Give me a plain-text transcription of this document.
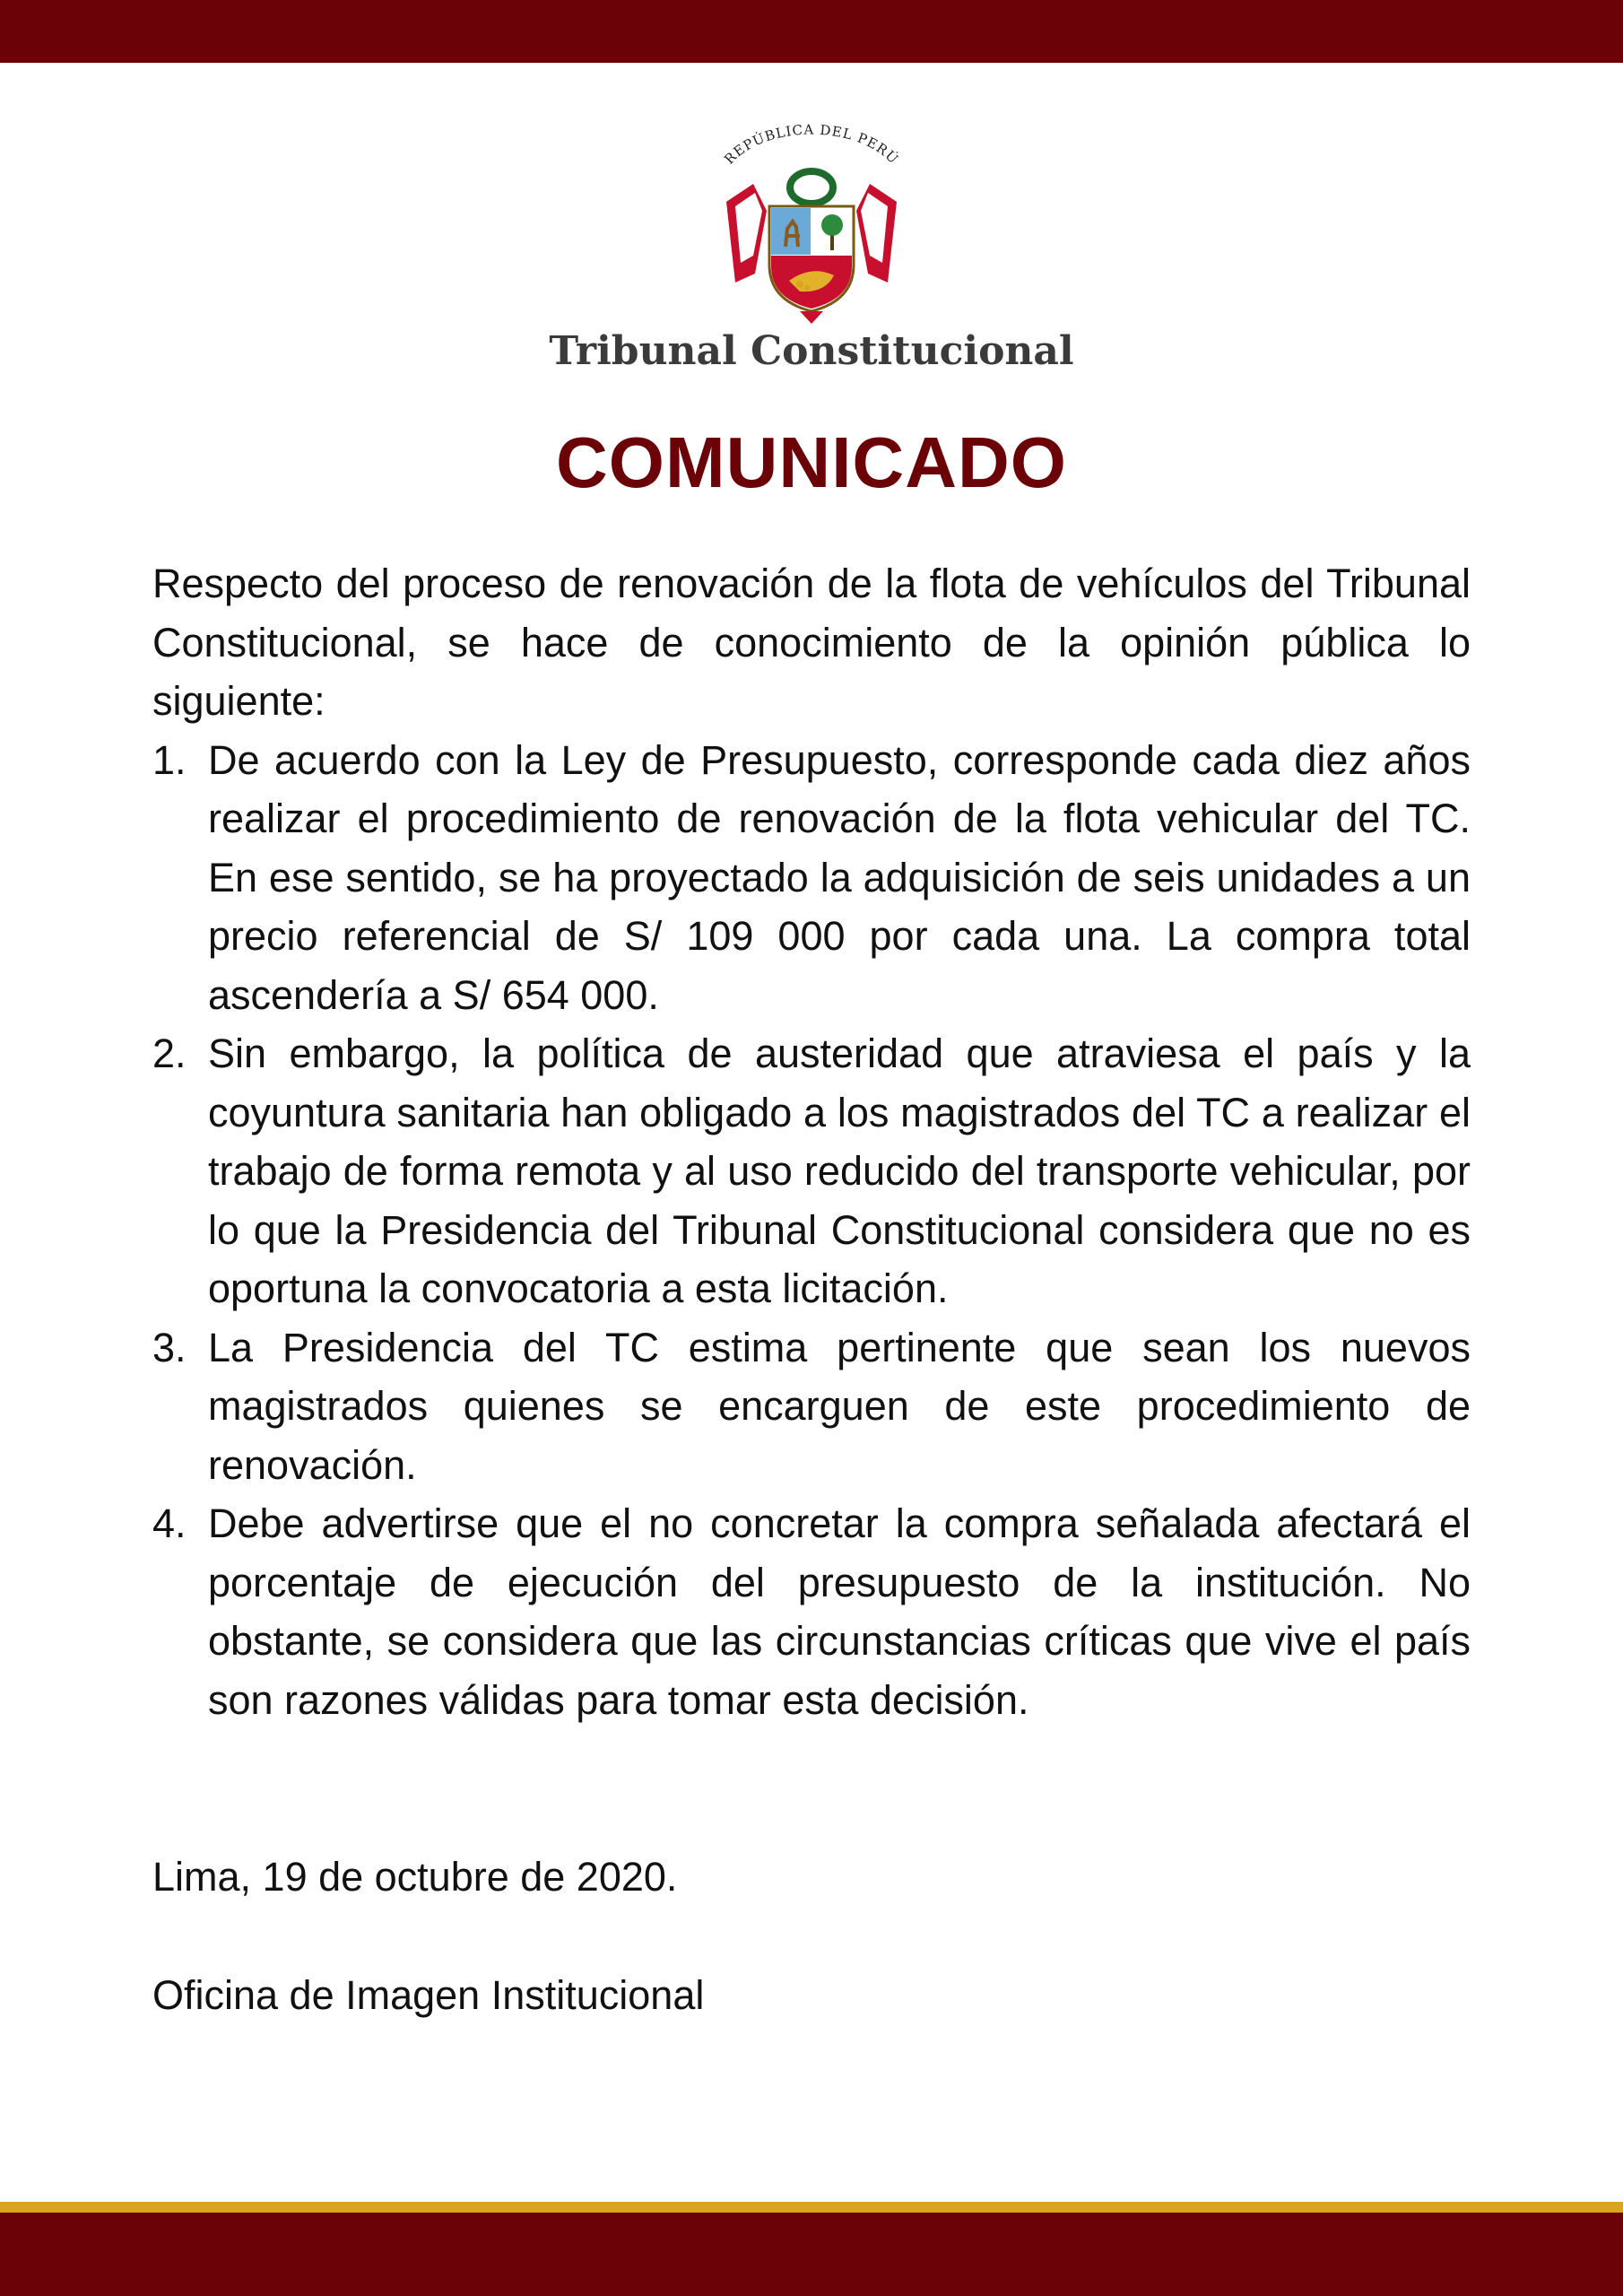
REPÚBLICA DEL PERÚ
Tribunal Constitucional
COMUNICADO

Respecto del proceso de renovación de la flota de vehículos del Tribunal Constitucional, se hace de conocimiento de la opinión pública lo siguiente:

1. De acuerdo con la Ley de Presupuesto, corresponde cada diez años realizar el procedimiento de renovación de la flota vehicular del TC. En ese sentido, se ha proyectado la adquisición de seis unidades a un precio referencial de S/ 109 000 por cada una. La compra total ascendería a S/ 654 000.
2. Sin embargo, la política de austeridad que atraviesa el país y la coyuntura sanitaria han obligado a los magistrados del TC a realizar el trabajo de forma remota y al uso reducido del transporte vehicular, por lo que la Presidencia del Tribunal Constitucional considera que no es oportuna la convocatoria a esta licitación.
3. La Presidencia del TC estima pertinente que sean los nuevos magistrados quienes se encarguen de este procedimiento de renovación.
4. Debe advertirse que el no concretar la compra señalada afectará el porcentaje de ejecución del presupuesto de la institución. No obstante, se considera que las circunstancias críticas que vive el país son razones válidas para tomar esta decisión.
Lima, 19 de octubre de 2020.
Oficina de Imagen Institucional
